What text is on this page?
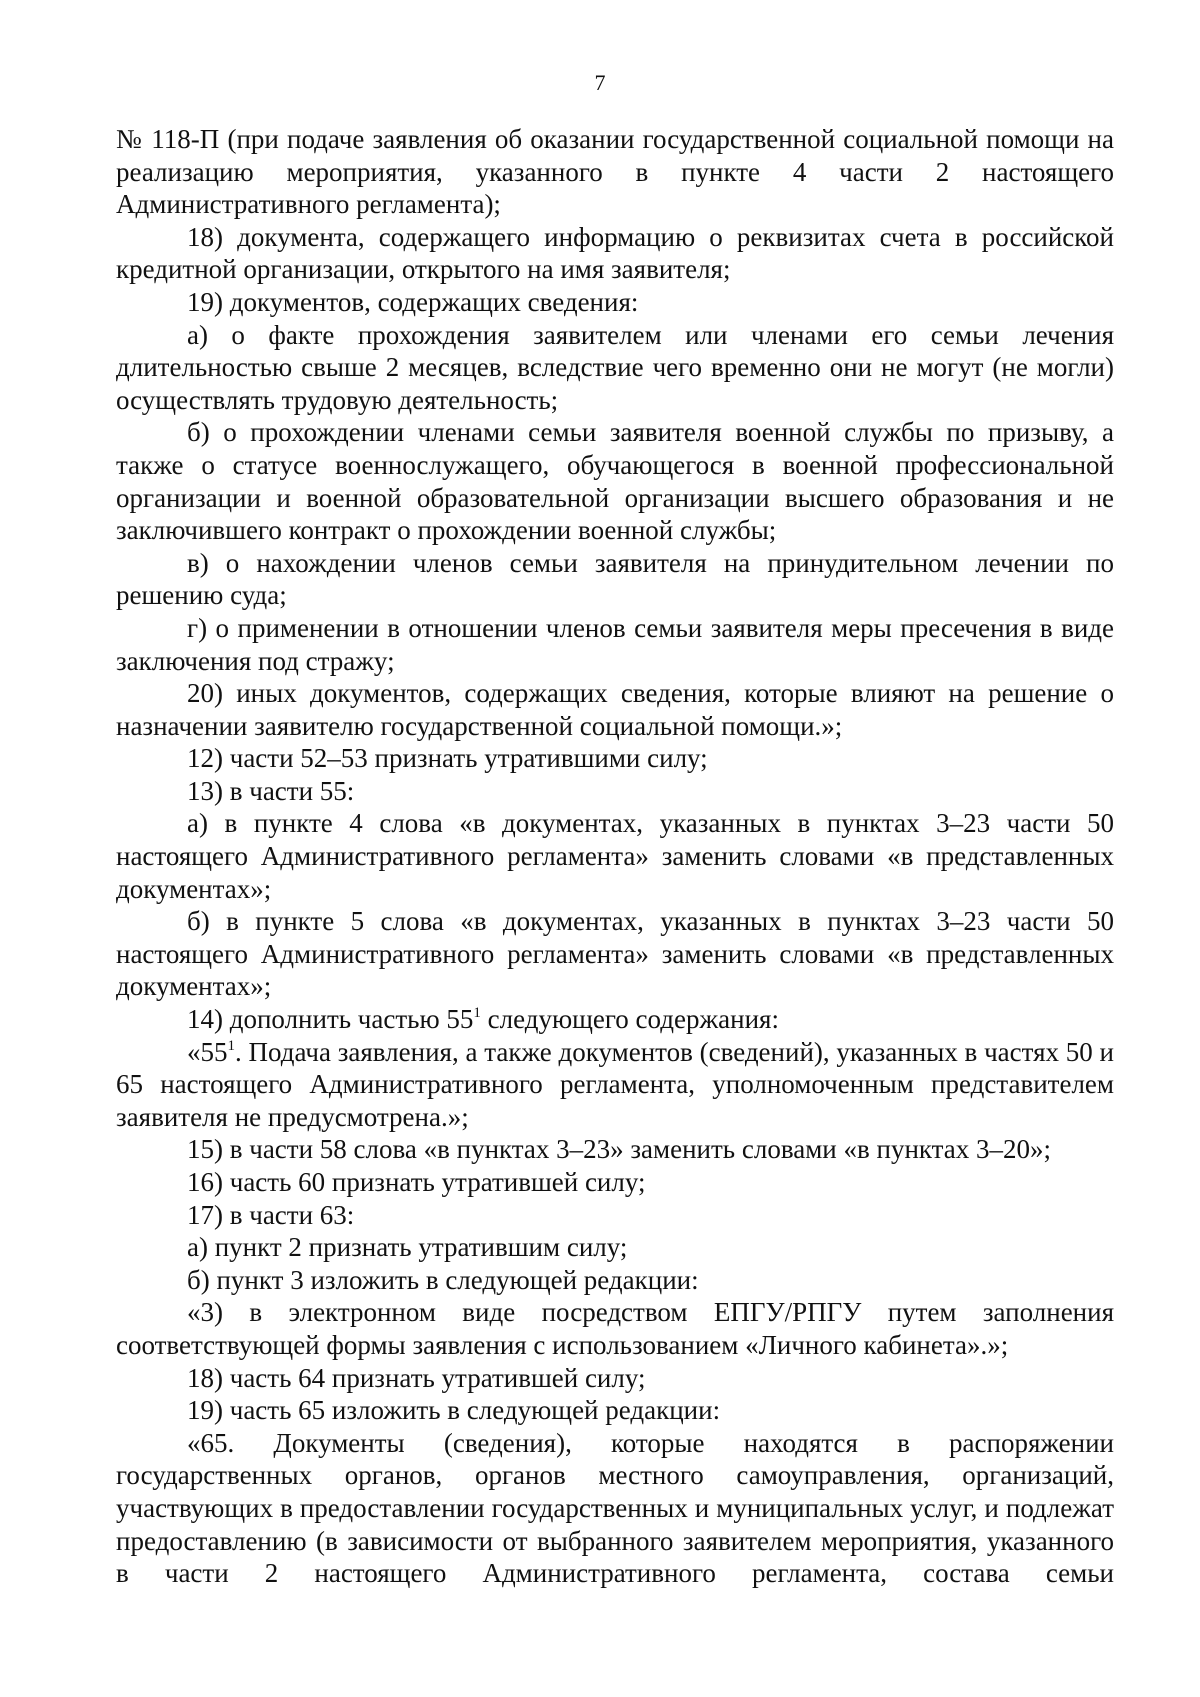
7

№ 118-П (при подаче заявления об оказании государственной социальной помощи на реализацию мероприятия, указанного в пункте 4 части 2 настоящего Административного регламента);

18) документа, содержащего информацию о реквизитах счета в российской кредитной организации, открытого на имя заявителя;

19) документов, содержащих сведения:

а) о факте прохождения заявителем или членами его семьи лечения длительностью свыше 2 месяцев, вследствие чего временно они не могут (не могли) осуществлять трудовую деятельность;

б) о прохождении членами семьи заявителя военной службы по призыву, а также о статусе военнослужащего, обучающегося в военной профессиональной организации и военной образовательной организации высшего образования и не заключившего контракт о прохождении военной службы;

в) о нахождении членов семьи заявителя на принудительном лечении по решению суда;

г) о применении в отношении членов семьи заявителя меры пресечения в виде заключения под стражу;

20) иных документов, содержащих сведения, которые влияют на решение о назначении заявителю государственной социальной помощи.»;

12) части 52–53 признать утратившими силу;

13) в части 55:

а) в пункте 4 слова «в документах, указанных в пунктах 3–23 части 50 настоящего Административного регламента» заменить словами «в представленных документах»;

б) в пункте 5 слова «в документах, указанных в пунктах 3–23 части 50 настоящего Административного регламента» заменить словами «в представленных документах»;

14) дополнить частью $55^1$ следующего содержания:

«$55^1$. Подача заявления, а также документов (сведений), указанных в частях 50 и 65 настоящего Административного регламента, уполномоченным представителем заявителя не предусмотрена.»;

15) в части 58 слова «в пунктах 3–23» заменить словами «в пунктах 3–20»;

16) часть 60 признать утратившей силу;

17) в части 63:

а) пункт 2 признать утратившим силу;

б) пункт 3 изложить в следующей редакции:

«3) в электронном виде посредством ЕПГУ/РПГУ путем заполнения соответствующей формы заявления с использованием «Личного кабинета».»;

18) часть 64 признать утратившей силу;

19) часть 65 изложить в следующей редакции:

«65. Документы (сведения), которые находятся в распоряжении государственных органов, органов местного самоуправления, организаций, участвующих в предоставлении государственных и муниципальных услуг, и подлежат предоставлению (в зависимости от выбранного заявителем мероприятия, указанного в части 2 настоящего Административного регламента, состава семьи
